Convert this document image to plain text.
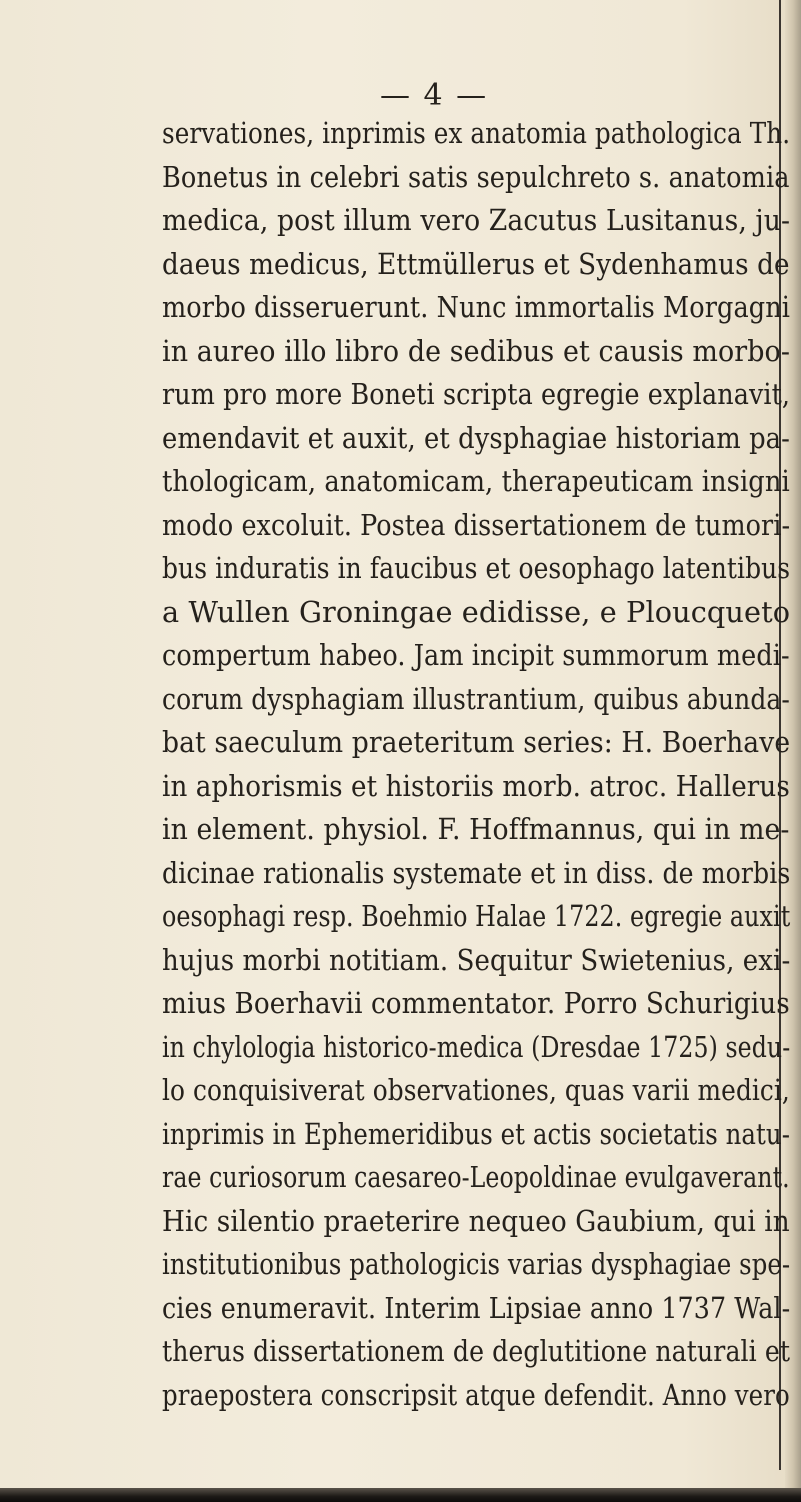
— 4 —
servationes, inprimis ex anatomia pathologica Th.
Bonetus in celebri satis sepulchreto s. anatomia
medica, post illum vero Zacutus Lusitanus, ju-
daeus medicus, Ettmüllerus et Sydenhamus de
morbo disseruerunt. Nunc immortalis Morgagni
in aureo illo libro de sedibus et causis morbo-
rum pro more Boneti scripta egregie explanavit,
emendavit et auxit, et dysphagiae historiam pa-
thologicam, anatomicam, therapeuticam insigni
modo excoluit. Postea dissertationem de tumori-
bus induratis in faucibus et oesophago latentibus
a Wullen Groningae edidisse, e Ploucqueto
compertum habeo. Jam incipit summorum medi-
corum dysphagiam illustrantium, quibus abunda-
bat saeculum praeteritum series: H. Boerhave
in aphorismis et historiis morb. atroc. Hallerus
in element. physiol. F. Hoffmannus, qui in me-
dicinae rationalis systemate et in diss. de morbis
oesophagi resp. Boehmio Halae 1722. egregie auxit
hujus morbi notitiam. Sequitur Swietenius, exi-
mius Boerhavii commentator. Porro Schurigius
in chylologia historico-medica (Dresdae 1725) sedu-
lo conquisiverat observationes, quas varii medici,
inprimis in Ephemeridibus et actis societatis natu-
rae curiosorum caesareo-Leopoldinae evulgaverant.
Hic silentio praeterire nequeo Gaubium, qui in
institutionibus pathologicis varias dysphagiae spe-
cies enumeravit. Interim Lipsiae anno 1737 Wal-
therus dissertationem de deglutitione naturali et
praepostera conscripsit atque defendit. Anno vero
